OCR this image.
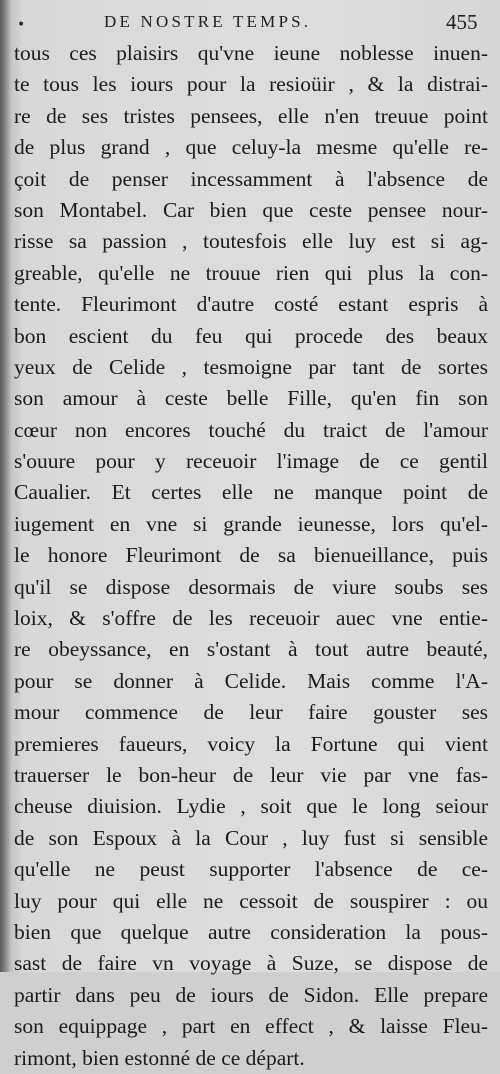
•	DE NOSTRE TEMPS.	455
tous ces plaisirs qu'vne ieune noblesse inuen-
te tous les iours pour la resioüir , & la distrai-
re de ses tristes pensees, elle n'en treuue point
de plus grand , que celuy-la mesme qu'elle re-
çoit de penser incessamment à l'absence de
son Montabel. Car bien que ceste pensee nour-
risse sa passion , toutesfois elle luy est si ag-
greable, qu'elle ne trouue rien qui plus la con-
tente. Fleurimont d'autre costé estant espris à
bon escient du feu qui procede des beaux
yeux de Celide , tesmoigne par tant de sortes
son amour à ceste belle Fille, qu'en fin son
cœur non encores touché du traict de l'amour
s'ouure pour y receuoir l'image de ce gentil
Caualier. Et certes elle ne manque point de
iugement en vne si grande ieunesse, lors qu'el-
le honore Fleurimont de sa bienueillance, puis
qu'il se dispose desormais de viure soubs ses
loix, & s'offre de les receuoir auec vne entie-
re obeyssance, en s'ostant à tout autre beauté,
pour se donner à Celide. Mais comme l'A-
mour commence de leur faire gouster ses
premieres faueurs, voicy la Fortune qui vient
trauerser le bon-heur de leur vie par vne fas-
cheuse diuision. Lydie , soit que le long seiour
de son Espoux à la Cour , luy fust si sensible
qu'elle ne peust supporter l'absence de ce-
luy pour qui elle ne cessoit de souspirer : ou
bien que quelque autre consideration la pous-
sast de faire vn voyage à Suze, se dispose de
partir dans peu de iours de Sidon. Elle prepare
son equippage , part en effect , & laisse Fleu-
rimont, bien estonné de ce départ.
